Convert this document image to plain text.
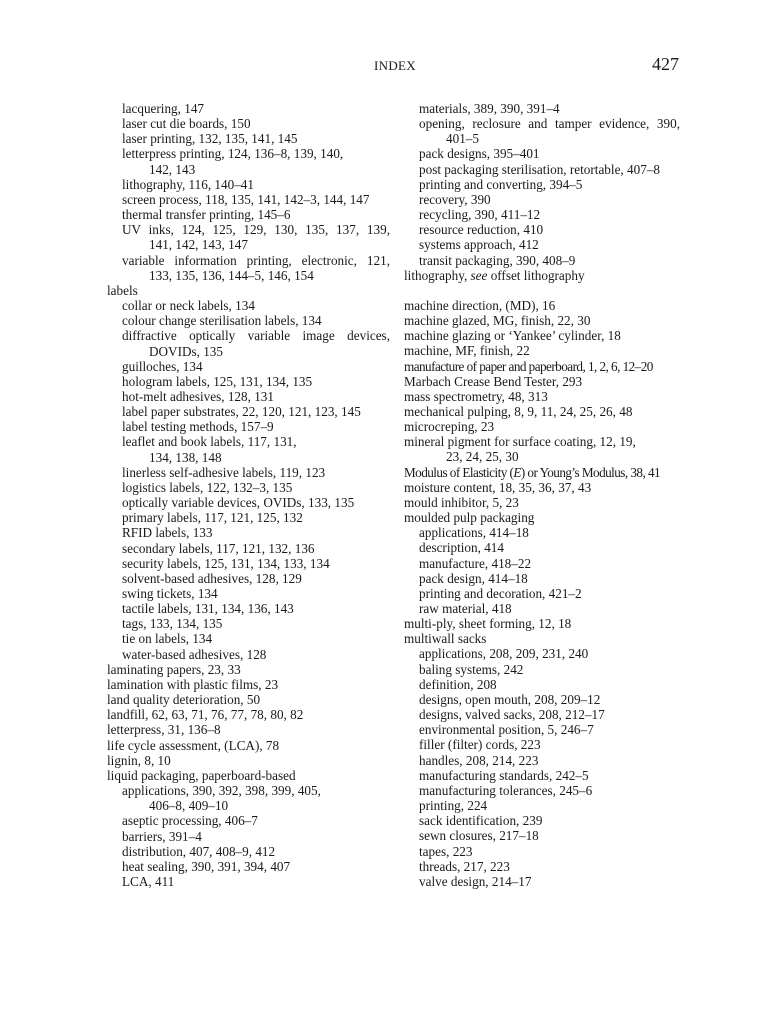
INDEX	427
lacquering, 147
laser cut die boards, 150
laser printing, 132, 135, 141, 145
letterpress printing, 124, 136–8, 139, 140,
142, 143
lithography, 116, 140–41
screen process, 118, 135, 141, 142–3, 144, 147
thermal transfer printing, 145–6
UV inks, 124, 125, 129, 130, 135, 137, 139,
141, 142, 143, 147
variable information printing, electronic, 121,
133, 135, 136, 144–5, 146, 154
labels
collar or neck labels, 134
colour change sterilisation labels, 134
diffractive optically variable image devices,
DOVIDs, 135
guilloches, 134
hologram labels, 125, 131, 134, 135
hot-melt adhesives, 128, 131
label paper substrates, 22, 120, 121, 123, 145
label testing methods, 157–9
leaflet and book labels, 117, 131,
134, 138, 148
linerless self-adhesive labels, 119, 123
logistics labels, 122, 132–3, 135
optically variable devices, OVIDs, 133, 135
primary labels, 117, 121, 125, 132
RFID labels, 133
secondary labels, 117, 121, 132, 136
security labels, 125, 131, 134, 133, 134
solvent-based adhesives, 128, 129
swing tickets, 134
tactile labels, 131, 134, 136, 143
tags, 133, 134, 135
tie on labels, 134
water-based adhesives, 128
laminating papers, 23, 33
lamination with plastic films, 23
land quality deterioration, 50
landfill, 62, 63, 71, 76, 77, 78, 80, 82
letterpress, 31, 136–8
life cycle assessment, (LCA), 78
lignin, 8, 10
liquid packaging, paperboard-based
applications, 390, 392, 398, 399, 405,
406–8, 409–10
aseptic processing, 406–7
barriers, 391–4
distribution, 407, 408–9, 412
heat sealing, 390, 391, 394, 407
LCA, 411
materials, 389, 390, 391–4
opening, reclosure and tamper evidence, 390,
401–5
pack designs, 395–401
post packaging sterilisation, retortable, 407–8
printing and converting, 394–5
recovery, 390
recycling, 390, 411–12
resource reduction, 410
systems approach, 412
transit packaging, 390, 408–9
lithography, see offset lithography
machine direction, (MD), 16
machine glazed, MG, finish, 22, 30
machine glazing or ‘Yankee’ cylinder, 18
machine, MF, finish, 22
manufacture of paper and paperboard, 1, 2, 6, 12–20
Marbach Crease Bend Tester, 293
mass spectrometry, 48, 313
mechanical pulping, 8, 9, 11, 24, 25, 26, 48
microcreping, 23
mineral pigment for surface coating, 12, 19,
23, 24, 25, 30
Modulus of Elasticity (E) or Young’s Modulus, 38, 41
moisture content, 18, 35, 36, 37, 43
mould inhibitor, 5, 23
moulded pulp packaging
applications, 414–18
description, 414
manufacture, 418–22
pack design, 414–18
printing and decoration, 421–2
raw material, 418
multi-ply, sheet forming, 12, 18
multiwall sacks
applications, 208, 209, 231, 240
baling systems, 242
definition, 208
designs, open mouth, 208, 209–12
designs, valved sacks, 208, 212–17
environmental position, 5, 246–7
filler (filter) cords, 223
handles, 208, 214, 223
manufacturing standards, 242–5
manufacturing tolerances, 245–6
printing, 224
sack identification, 239
sewn closures, 217–18
tapes, 223
threads, 217, 223
valve design, 214–17
